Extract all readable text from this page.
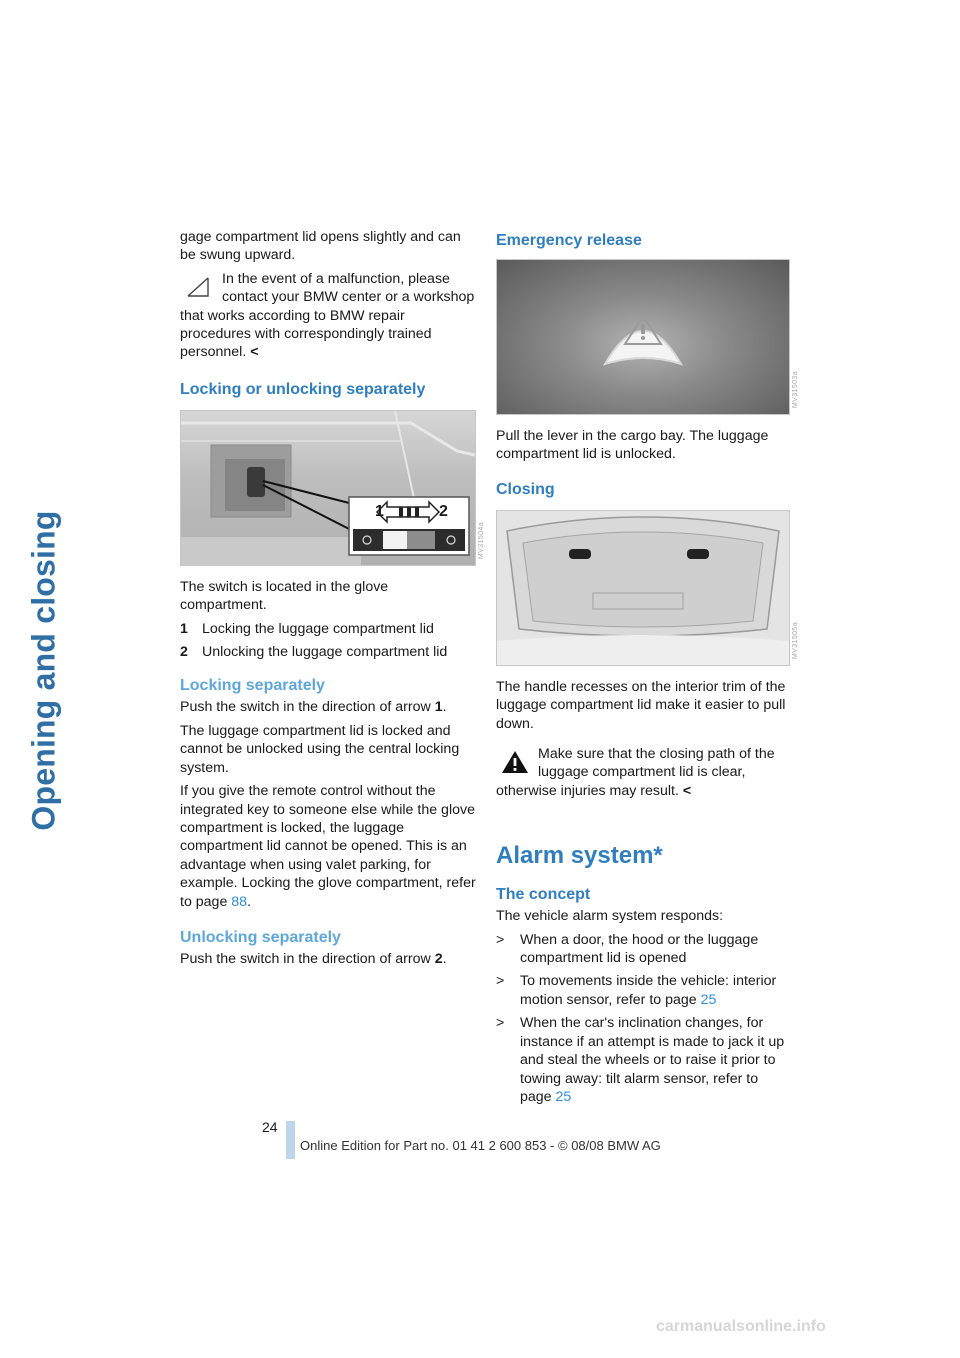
Opening and closing

gage compartment lid opens slightly and can be swung upward.

In the event of a malfunction, please contact your BMW center or a workshop that works according to BMW repair procedures with correspondingly trained personnel. <
Locking or unlocking separately
1	2
MV31504a

The switch is located in the glove compartment.

1 Locking the luggage compartment lid
2 Unlocking the luggage compartment lid
Locking separately

Push the switch in the direction of arrow 1.

The luggage compartment lid is locked and cannot be unlocked using the central locking system.

If you give the remote control without the integrated key to someone else while the glove compartment is locked, the luggage compartment lid cannot be opened. This is an advantage when using valet parking, for example. Locking the glove compartment, refer to page 88.

Unlocking separately

Push the switch in the direction of arrow 2.

Emergency release
MV31503a

Pull the lever in the cargo bay. The luggage compartment lid is unlocked.

Closing
MV31505a

The handle recesses on the interior trim of the luggage compartment lid make it easier to pull down.

Make sure that the closing path of the luggage compartment lid is clear, otherwise injuries may result. <
Alarm system*
The concept

The vehicle alarm system responds:

>	When a door, the hood or the luggage compartment lid is opened
>	To movements inside the vehicle: interior motion sensor, refer to page 25
>	When the car's inclination changes, for instance if an attempt is made to jack it up and steal the wheels or to raise it prior to towing away: tilt alarm sensor, refer to page 25
24
Online Edition for Part no. 01 41 2 600 853 - © 08/08 BMW AG
carmanualsonline.info
